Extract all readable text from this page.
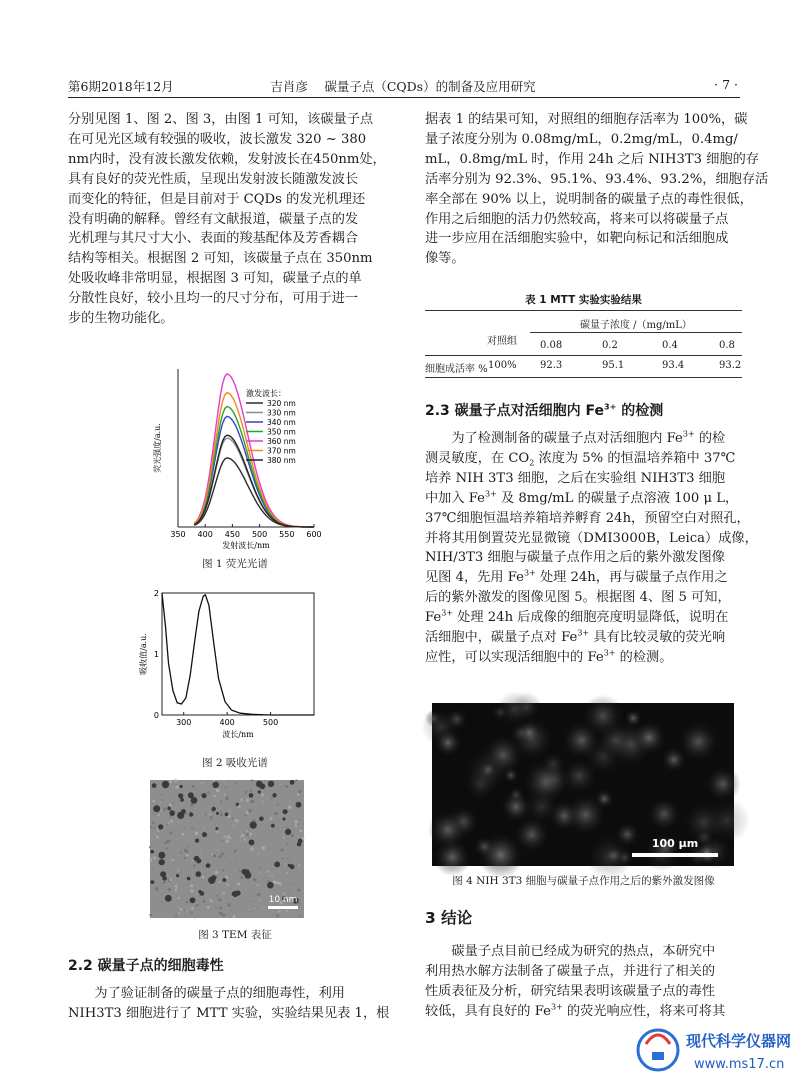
第6期2018年12月	吉肖彦　 碳量子点（CQDs）的制备及应用研究	· 7 ·
分别见图 1、图 2、图 3，由图 1 可知，该碳量子点
在可见光区域有较强的吸收，波长激发 320 ~ 380
nm内时，没有波长激发依赖，发射波长在450nm处，
具有良好的荧光性质，呈现出发射波长随激发波长
而变化的特征，但是目前对于 CQDs 的发光机理还
没有明确的解释。曾经有文献报道，碳量子点的发
光机理与其尺寸大小、表面的羧基配体及芳香耦合
结构等相关。根据图 2 可知，该碳量子点在 350nm
处吸收峰非常明显，根据图 3 可知，碳量子点的单
分散性良好，较小且均一的尺寸分布，可用于进一
步的生物功能化。
350 400 450 500 550 600
发射波长/nm
荧光强度/a.u.
激发波长：
320 nm
330 nm
340 nm
350 nm
360 nm
370 nm
380 nm
图 1 荧光光谱
300	400	500
0
1
2
波长/nm
吸收值/a.u.
图 2 吸收光谱
10 nm
图 3 TEM 表征
2.2 碳量子点的细胞毒性
为了验证制备的碳量子点的细胞毒性，利用
NIH3T3 细胞进行了 MTT 实验，实验结果见表 1，根
据表 1 的结果可知，对照组的细胞存活率为 100%，碳
量子浓度分别为 0.08mg/mL，0.2mg/mL，0.4mg/
mL，0.8mg/mL 时，作用 24h 之后 NIH3T3 细胞的存
活率分别为 92.3%、95.1%、93.4%、93.2%，细胞存活
率全部在 90% 以上，说明制备的碳量子点的毒性很低，
作用之后细胞的活力仍然较高，将来可以将碳量子点
进一步应用在活细胞实验中，如靶向标记和活细胞成
像等。
表 1 MTT 实验实验结果
对照组
碳量子浓度 /（mg/mL）
0.08	0.2	0.4	0.8
细胞成活率 % 100% 92.3	95.1	93.4	93.2
2.3 碳量子点对活细胞内 $Fe^{3+}$ 的检测
为了检测制备的碳量子点对活细胞内 $Fe^{3+}$ 的检
测灵敏度，在 $CO_2$ 浓度为 5% 的恒温培养箱中 37℃
培养 NIH 3T3 细胞，之后在实验组 NIH3T3 细胞
中加入 $Fe^{3+}$ 及 8mg/mL 的碳量子点溶液 100 μ L，
37℃细胞恒温培养箱培养孵育 24h，预留空白对照孔，
并将其用倒置荧光显微镜（DMI3000B，Leica）成像，
NIH/3T3 细胞与碳量子点作用之后的紫外激发图像
见图 4，先用 $Fe^{3+}$ 处理 24h，再与碳量子点作用之
后的紫外激发的图像见图 5。根据图 4、图 5 可知，
$Fe^{3+}$ 处理 24h 后成像的细胞亮度明显降低，说明在
活细胞中，碳量子点对 $Fe^{3+}$ 具有比较灵敏的荧光响
应性，可以实现活细胞中的 $Fe^{3+}$ 的检测。
100 μm
图 4 NIH 3T3 细胞与碳量子点作用之后的紫外激发图像
3 结论
碳量子点目前已经成为研究的热点，本研究中
利用热水解方法制备了碳量子点，并进行了相关的
性质表征及分析，研究结果表明该碳量子点的毒性
较低，具有良好的 $Fe^{3+}$ 的荧光响应性，将来可将其
现代科学仪器网
www.ms17.cn
